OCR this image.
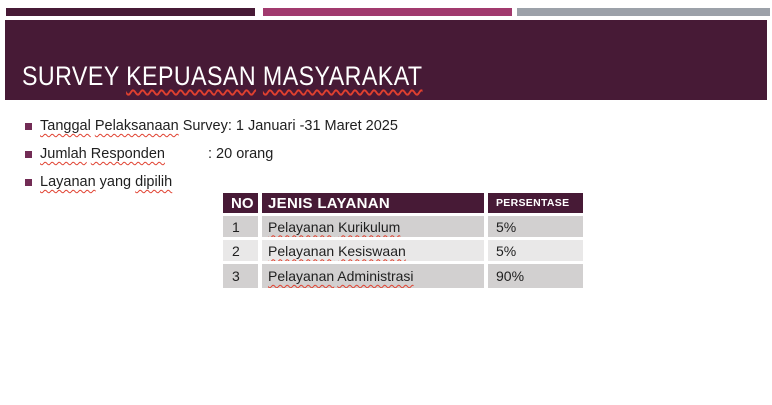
SURVEY KEPUASAN MASYARAKAT
Tanggal Pelaksanaan Survey: 1 Januari -31 Maret 2025
Jumlah Responden	: 20 orang
Layanan yang dipilih
NO	JENIS LAYANAN	PERSENTASE
1	Pelayanan Kurikulum	5%
2	Pelayanan Kesiswaan	5%
3	Pelayanan Administrasi	90%
